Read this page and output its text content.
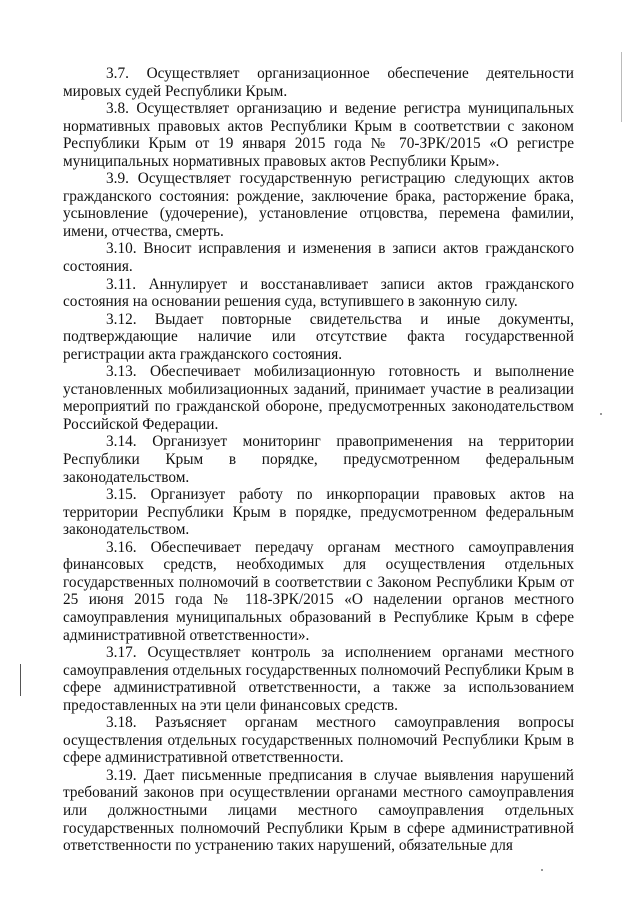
3.7. Осуществляет организационное обеспечение деятельности мировых судей Республики Крым.

3.8. Осуществляет организацию и ведение регистра муниципальных нормативных правовых актов Республики Крым в соответствии с законом Республики Крым от 19 января 2015 года № 70-ЗРК/2015 «О регистре муниципальных нормативных правовых актов Республики Крым».

3.9. Осуществляет государственную регистрацию следующих актов гражданского состояния: рождение, заключение брака, расторжение брака, усыновление (удочерение), установление отцовства, перемена фамилии, имени, отчества, смерть.

3.10. Вносит исправления и изменения в записи актов гражданского состояния.

3.11. Аннулирует и восстанавливает записи актов гражданского состояния на основании решения суда, вступившего в законную силу.

3.12. Выдает повторные свидетельства и иные документы, подтверждающие наличие или отсутствие факта государственной регистрации акта гражданского состояния.

3.13. Обеспечивает мобилизационную готовность и выполнение установленных мобилизационных заданий, принимает участие в реализации мероприятий по гражданской обороне, предусмотренных законодательством Российской Федерации.

3.14. Организует мониторинг правоприменения на территории Республики Крым в порядке, предусмотренном федеральным законодательством.

3.15. Организует работу по инкорпорации правовых актов на территории Республики Крым в порядке, предусмотренном федеральным законодательством.

3.16. Обеспечивает передачу органам местного самоуправления финансовых средств, необходимых для осуществления отдельных государственных полномочий в соответствии с Законом Республики Крым от 25 июня 2015 года № 118-ЗРК/2015 «О наделении органов местного самоуправления муниципальных образований в Республике Крым в сфере административной ответственности».

3.17. Осуществляет контроль за исполнением органами местного самоуправления отдельных государственных полномочий Республики Крым в сфере административной ответственности, а также за использованием предоставленных на эти цели финансовых средств.

3.18. Разъясняет органам местного самоуправления вопросы осуществления отдельных государственных полномочий Республики Крым в сфере административной ответственности.

3.19. Дает письменные предписания в случае выявления нарушений требований законов при осуществлении органами местного самоуправления или должностными лицами местного самоуправления отдельных государственных полномочий Республики Крым в сфере административной ответственности по устранению таких нарушений, обязательные для
